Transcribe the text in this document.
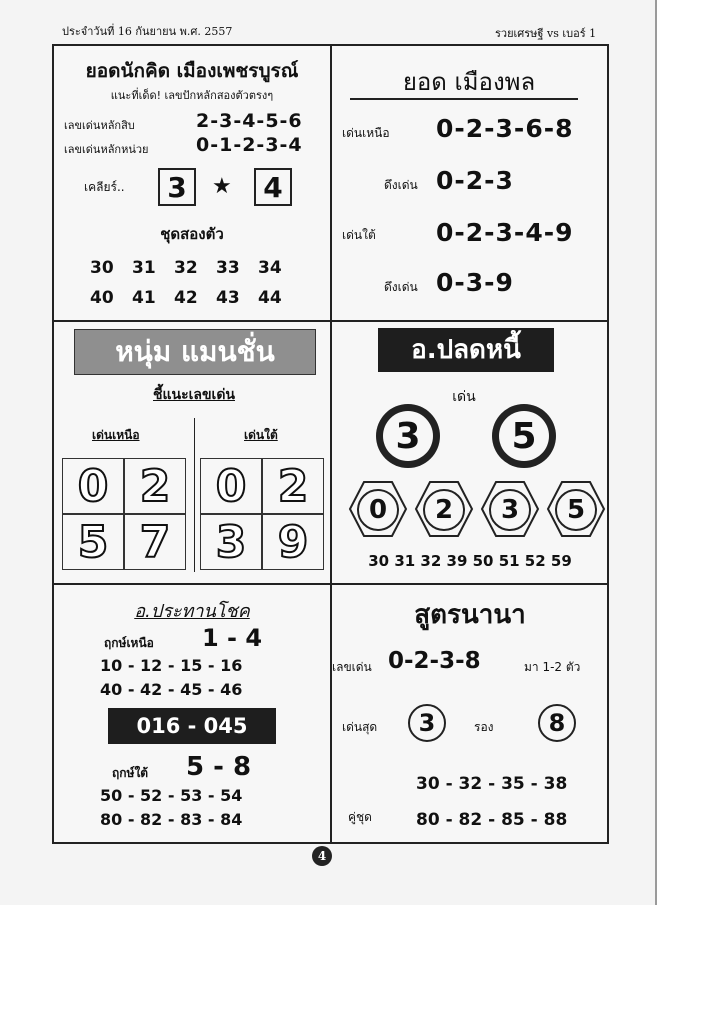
ประจำวันที่ 16 กันยายน พ.ศ. 2557	รวยเศรษฐี vs เบอร์ 1
ยอดนักคิด เมืองเพชรบูรณ์
แนะที่เด็ด! เลขปักหลักสองตัวตรงๆ
เลขเด่นหลักสิบ	2-3-4-5-6
เลขเด่นหลักหน่วย	0-1-2-3-4
เคลียร์..	3	★	4
ชุดสองตัว
30 31 32 33 34
40 41 42 43 44
ยอด เมืองพล
เด่นเหนือ 0-2-3-6-8
ดึงเด่น 0-2-3
เด่นใต้ 0-2-3-4-9
ดึงเด่น 0-3-9
หนุ่ม แมนชั่น
ชี้แนะเลขเด่น
เด่นเหนือ	เด่นใต้
0 2
5 7
0 2
3 9
อ.ปลดหนี้
เด่น
3	5
0	2	3	5
30 31 32 39 50 51 52 59
อ.ประทานโชค
ฤกษ์เหนือ 1 - 4
10 - 12 - 15 - 16
40 - 42 - 45 - 46
016 - 045
ฤกษ์ใต้ 5 - 8
50 - 52 - 53 - 54
80 - 82 - 83 - 84
สูตรนานา
เลขเด่น 0-2-3-8	มา 1-2 ตัว
เด่นสุด	3	รอง	8
30 - 32 - 35 - 38
คู่ชุด	80 - 82 - 85 - 88
4
